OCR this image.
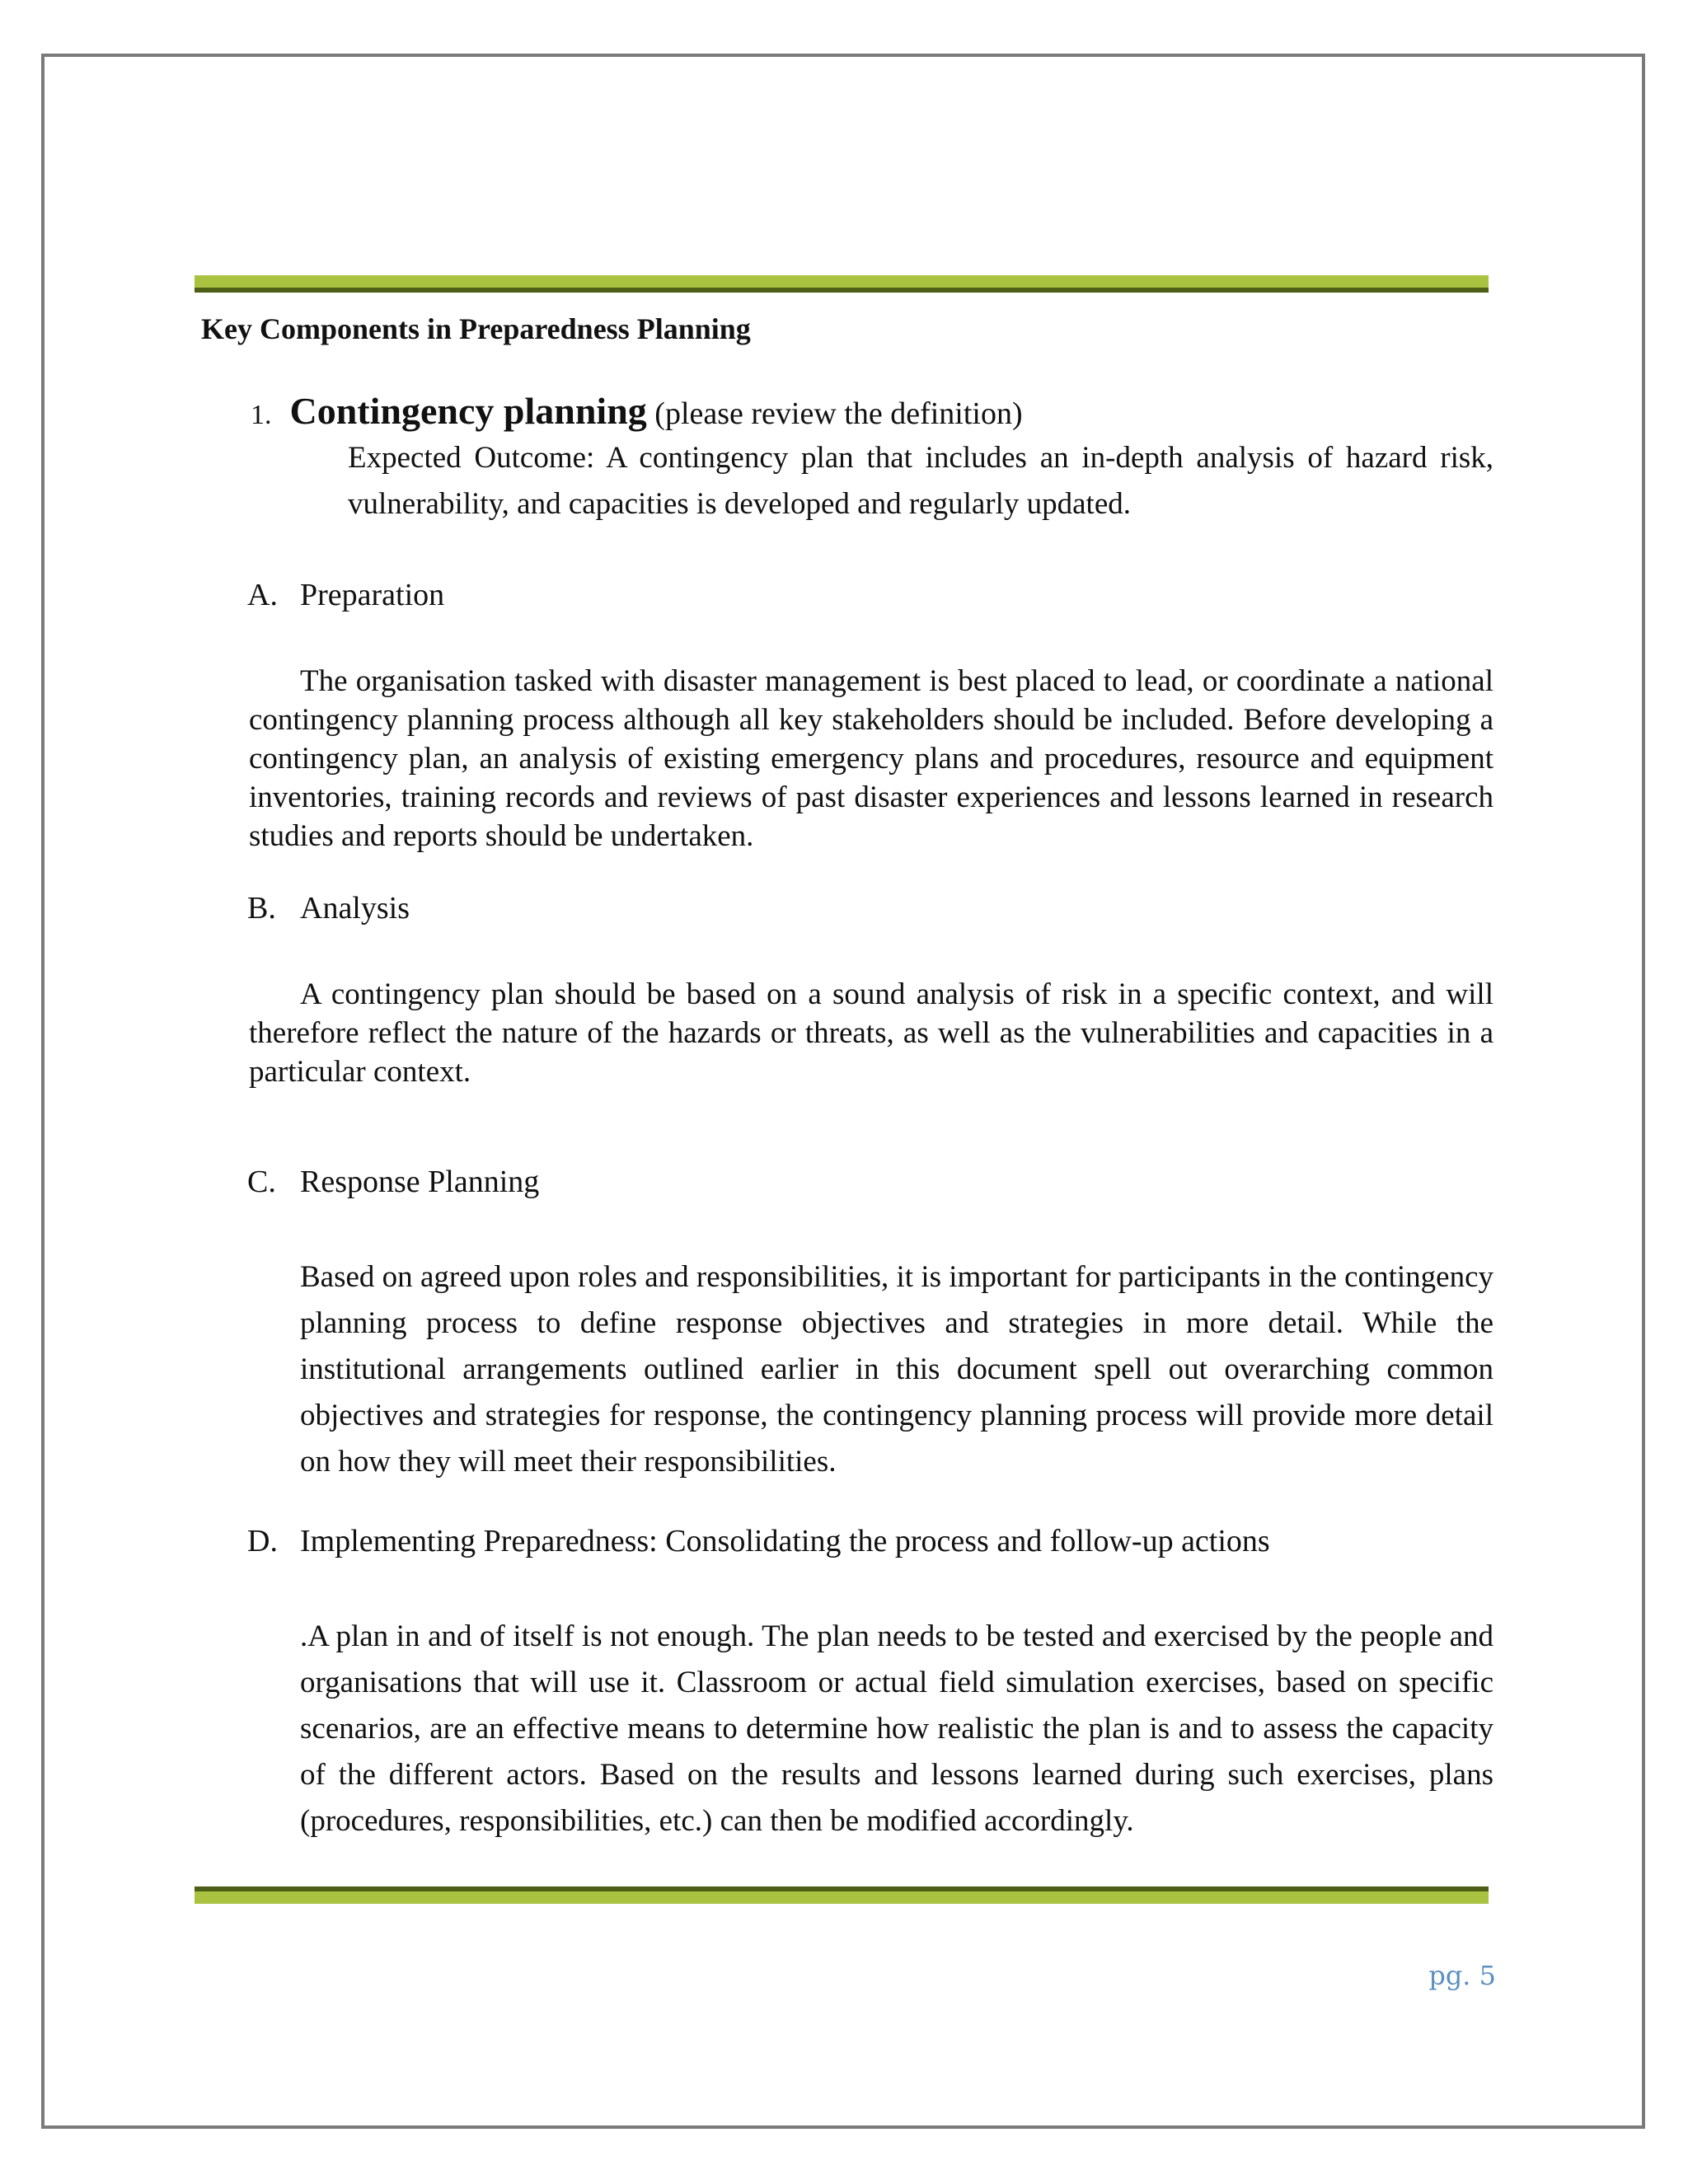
Key Components in Preparedness Planning
1. Contingency planning (please review the definition)
Expected Outcome: A contingency plan that includes an in-depth analysis of hazard risk, vulnerability, and capacities is developed and regularly updated.
A. Preparation
The organisation tasked with disaster management is best placed to lead, or coordinate a national contingency planning process although all key stakeholders should be included. Before developing a contingency plan, an analysis of existing emergency plans and procedures, resource and equipment inventories, training records and reviews of past disaster experiences and lessons learned in research studies and reports should be undertaken.
B. Analysis
A contingency plan should be based on a sound analysis of risk in a specific context, and will therefore reflect the nature of the hazards or threats, as well as the vulnerabilities and capacities in a particular context.
C. Response Planning
Based on agreed upon roles and responsibilities, it is important for participants in the contingency planning process to define response objectives and strategies in more detail. While the institutional arrangements outlined earlier in this document spell out overarching common objectives and strategies for response, the contingency planning process will provide more detail on how they will meet their responsibilities.
D. Implementing Preparedness: Consolidating the process and follow-up actions
.A plan in and of itself is not enough. The plan needs to be tested and exercised by the people and organisations that will use it. Classroom or actual field simulation exercises, based on specific scenarios, are an effective means to determine how realistic the plan is and to assess the capacity of the different actors. Based on the results and lessons learned during such exercises, plans (procedures, responsibilities, etc.) can then be modified accordingly.
pg. 5
